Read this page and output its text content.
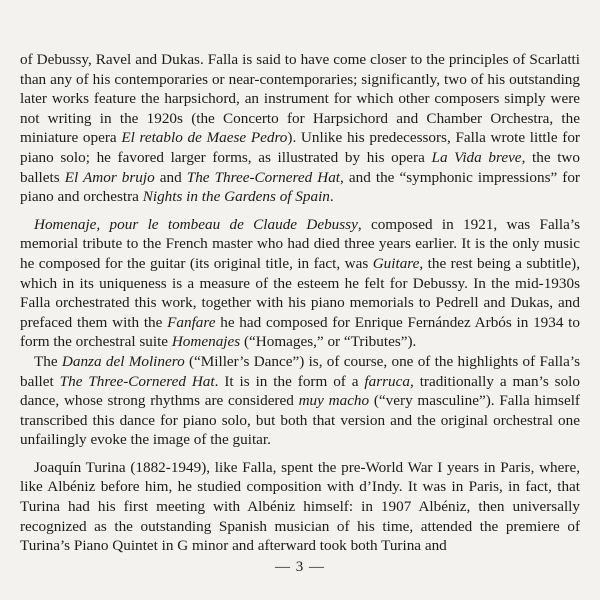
of Debussy, Ravel and Dukas. Falla is said to have come closer to the principles of Scarlatti than any of his contemporaries or near-contemporaries; significantly, two of his outstanding later works feature the harpsichord, an instrument for which other composers simply were not writing in the 1920s (the Concerto for Harpsichord and Chamber Orchestra, the miniature opera El retablo de Maese Pedro). Unlike his predecessors, Falla wrote little for piano solo; he favored larger forms, as illustrated by his opera La Vida breve, the two ballets El Amor brujo and The Three-Cornered Hat, and the “symphonic impressions” for piano and orchestra Nights in the Gardens of Spain.

Homenaje, pour le tombeau de Claude Debussy, composed in 1921, was Falla’s memorial tribute to the French master who had died three years earlier. It is the only music he composed for the guitar (its original title, in fact, was Guitare, the rest being a subtitle), which in its uniqueness is a measure of the esteem he felt for Debussy. In the mid-1930s Falla orchestrated this work, together with his piano memorials to Pedrell and Dukas, and prefaced them with the Fanfare he had composed for Enrique Fernández Arbós in 1934 to form the orchestral suite Homenajes (“Homages,” or “Tributes”).

The Danza del Molinero (“Miller’s Dance”) is, of course, one of the highlights of Falla’s ballet The Three-Cornered Hat. It is in the form of a farruca, traditionally a man’s solo dance, whose strong rhythms are considered muy macho (“very masculine”). Falla himself transcribed this dance for piano solo, but both that version and the original orchestral one unfailingly evoke the image of the guitar.

Joaquín Turina (1882-1949), like Falla, spent the pre-World War I years in Paris, where, like Albéniz before him, he studied composition with d’Indy. It was in Paris, in fact, that Turina had his first meeting with Albéniz himself: in 1907 Albéniz, then universally recognized as the outstanding Spanish musician of his time, attended the premiere of Turina’s Piano Quintet in G minor and afterward took both Turina and

— 3 —
